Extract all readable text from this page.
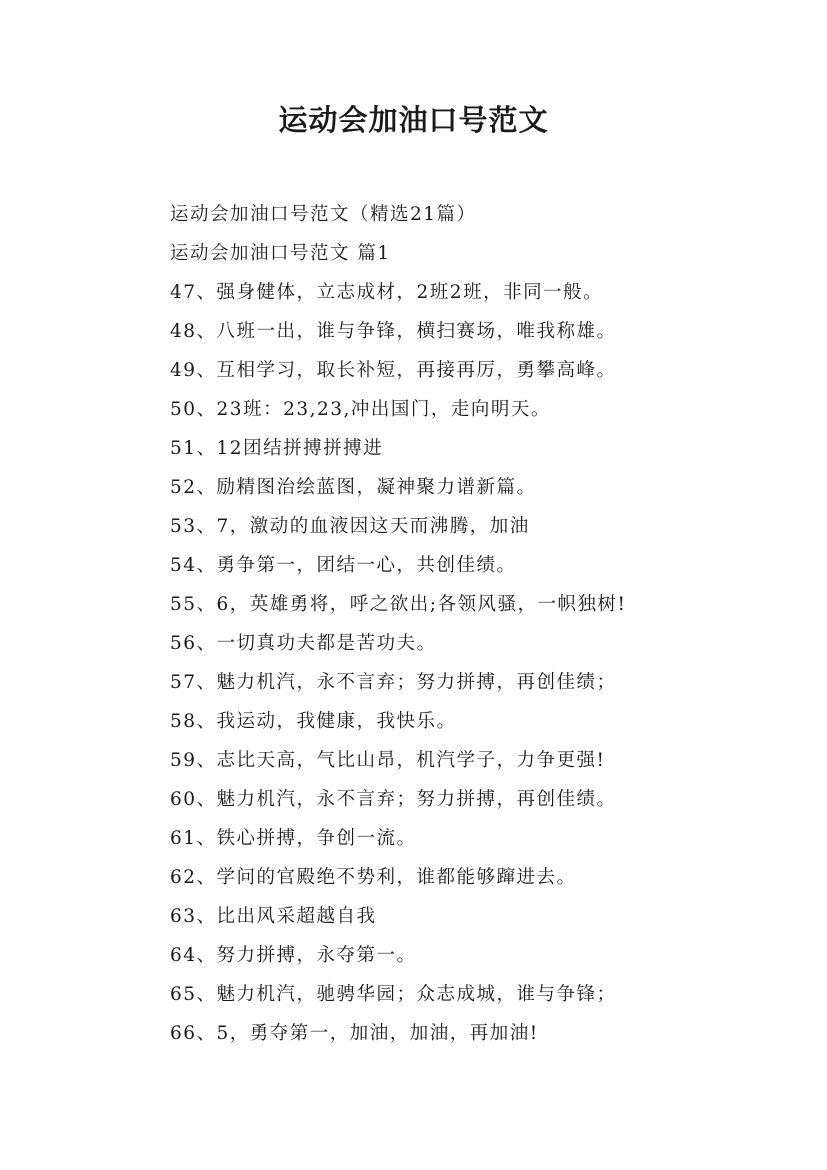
运动会加油口号范文
运动会加油口号范文（精选21篇）
运动会加油口号范文 篇1
47、强身健体，立志成材，2班2班，非同一般。
48、八班一出，谁与争锋，横扫赛场，唯我称雄。
49、互相学习，取长补短，再接再厉，勇攀高峰。
50、23班：23,23,冲出国门，走向明天。
51、12团结拼搏拼搏进
52、励精图治绘蓝图，凝神聚力谱新篇。
53、7，激动的血液因这天而沸腾，加油
54、勇争第一，团结一心，共创佳绩。
55、6，英雄勇将，呼之欲出;各领风骚，一帜独树!
56、一切真功夫都是苦功夫。
57、魅力机汽，永不言弃；努力拼搏，再创佳绩；
58、我运动，我健康，我快乐。
59、志比天高，气比山昂，机汽学子，力争更强!
60、魅力机汽，永不言弃；努力拼搏，再创佳绩。
61、铁心拼搏，争创一流。
62、学问的官殿绝不势利，谁都能够蹿进去。
63、比出风采超越自我
64、努力拼搏，永夺第一。
65、魅力机汽，驰骋华园；众志成城，谁与争锋；
66、5，勇夺第一，加油，加油，再加油!
